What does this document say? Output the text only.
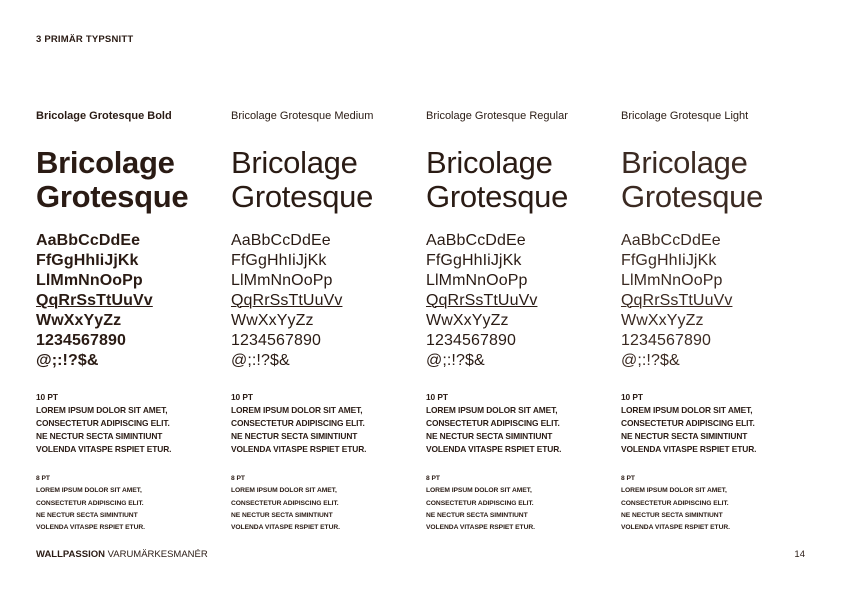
3 PRIMÄR TYPSNITT
Bricolage Grotesque Bold
Bricolage
Grotesque
AaBbCcDdEe
FfGgHhIiJjKk
LlMmNnOoPp
QqRrSsTtUuVv
WwXxYyZz
1234567890
@;:!?$&
10 PT
LOREM IPSUM DOLOR SIT AMET,
CONSECTETUR ADIPISCING ELIT.
NE NECTUR SECTA SIMINTIUNT
VOLENDA VITASPE RSPIET ETUR.
8 PT
LOREM IPSUM DOLOR SIT AMET,
CONSECTETUR ADIPISCING ELIT.
NE NECTUR SECTA SIMINTIUNT
VOLENDA VITASPE RSPIET ETUR.
Bricolage Grotesque Medium
Bricolage
Grotesque
AaBbCcDdEe
FfGgHhIiJjKk
LlMmNnOoPp
QqRrSsTtUuVv
WwXxYyZz
1234567890
@;:!?$&
10 PT
LOREM IPSUM DOLOR SIT AMET,
CONSECTETUR ADIPISCING ELIT.
NE NECTUR SECTA SIMINTIUNT
VOLENDA VITASPE RSPIET ETUR.
8 PT
LOREM IPSUM DOLOR SIT AMET,
CONSECTETUR ADIPISCING ELIT.
NE NECTUR SECTA SIMINTIUNT
VOLENDA VITASPE RSPIET ETUR.
Bricolage Grotesque Regular
Bricolage
Grotesque
AaBbCcDdEe
FfGgHhIiJjKk
LlMmNnOoPp
QqRrSsTtUuVv
WwXxYyZz
1234567890
@;:!?$&
10 PT
LOREM IPSUM DOLOR SIT AMET,
CONSECTETUR ADIPISCING ELIT.
NE NECTUR SECTA SIMINTIUNT
VOLENDA VITASPE RSPIET ETUR.
8 PT
LOREM IPSUM DOLOR SIT AMET,
CONSECTETUR ADIPISCING ELIT.
NE NECTUR SECTA SIMINTIUNT
VOLENDA VITASPE RSPIET ETUR.
Bricolage Grotesque Light
Bricolage
Grotesque
AaBbCcDdEe
FfGgHhIiJjKk
LlMmNnOoPp
QqRrSsTtUuVv
WwXxYyZz
1234567890
@;:!?$&
10 PT
LOREM IPSUM DOLOR SIT AMET,
CONSECTETUR ADIPISCING ELIT.
NE NECTUR SECTA SIMINTIUNT
VOLENDA VITASPE RSPIET ETUR.
8 PT
LOREM IPSUM DOLOR SIT AMET,
CONSECTETUR ADIPISCING ELIT.
NE NECTUR SECTA SIMINTIUNT
VOLENDA VITASPE RSPIET ETUR.
WALLPASSION VARUMÄRKESMANÉR	14
